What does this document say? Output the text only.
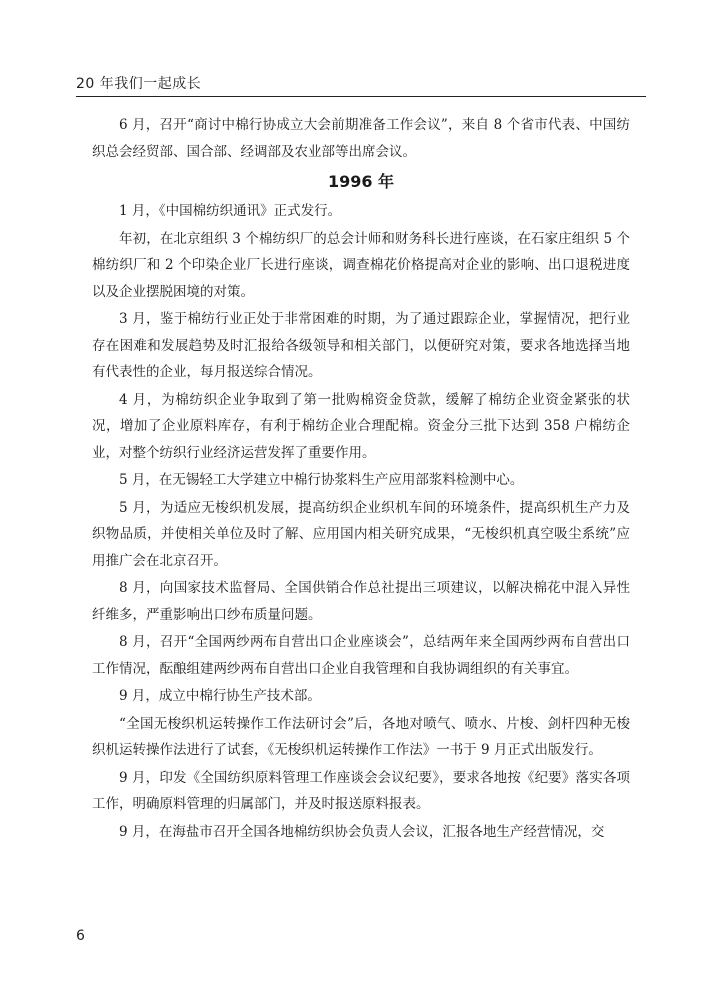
20 年我们一起成长

6 月，召开“商讨中棉行协成立大会前期准备工作会议”，来自 8 个省市代表、中国纺织总会经贸部、国合部、经调部及农业部等出席会议。

1996 年

1 月，《中国棉纺织通讯》正式发行。

年初，在北京组织 3 个棉纺织厂的总会计师和财务科长进行座谈，在石家庄组织 5 个棉纺织厂和 2 个印染企业厂长进行座谈，调查棉花价格提高对企业的影响、出口退税进度以及企业摆脱困境的对策。

3 月，鉴于棉纺行业正处于非常困难的时期，为了通过跟踪企业，掌握情况，把行业存在困难和发展趋势及时汇报给各级领导和相关部门，以便研究对策，要求各地选择当地有代表性的企业，每月报送综合情况。

4 月，为棉纺织企业争取到了第一批购棉资金贷款，缓解了棉纺企业资金紧张的状况，增加了企业原料库存，有利于棉纺企业合理配棉。资金分三批下达到 358 户棉纺企业，对整个纺织行业经济运营发挥了重要作用。

5 月，在无锡轻工大学建立中棉行协浆料生产应用部浆料检测中心。

5 月，为适应无梭织机发展，提高纺织企业织机车间的环境条件，提高织机生产力及织物品质，并使相关单位及时了解、应用国内相关研究成果，“无梭织机真空吸尘系统”应用推广会在北京召开。

8 月，向国家技术监督局、全国供销合作总社提出三项建议，以解决棉花中混入异性纤维多，严重影响出口纱布质量问题。

8 月，召开“全国两纱两布自营出口企业座谈会”，总结两年来全国两纱两布自营出口工作情况，酝酿组建两纱两布自营出口企业自我管理和自我协调组织的有关事宜。

9 月，成立中棉行协生产技术部。

“全国无梭织机运转操作工作法研讨会”后，各地对喷气、喷水、片梭、剑杆四种无梭织机运转操作法进行了试套，《无梭织机运转操作工作法》一书于 9 月正式出版发行。

9 月，印发《全国纺织原料管理工作座谈会会议纪要》，要求各地按《纪要》落实各项工作，明确原料管理的归属部门，并及时报送原料报表。

9 月，在海盐市召开全国各地棉纺织协会负责人会议，汇报各地生产经营情况，交

6
